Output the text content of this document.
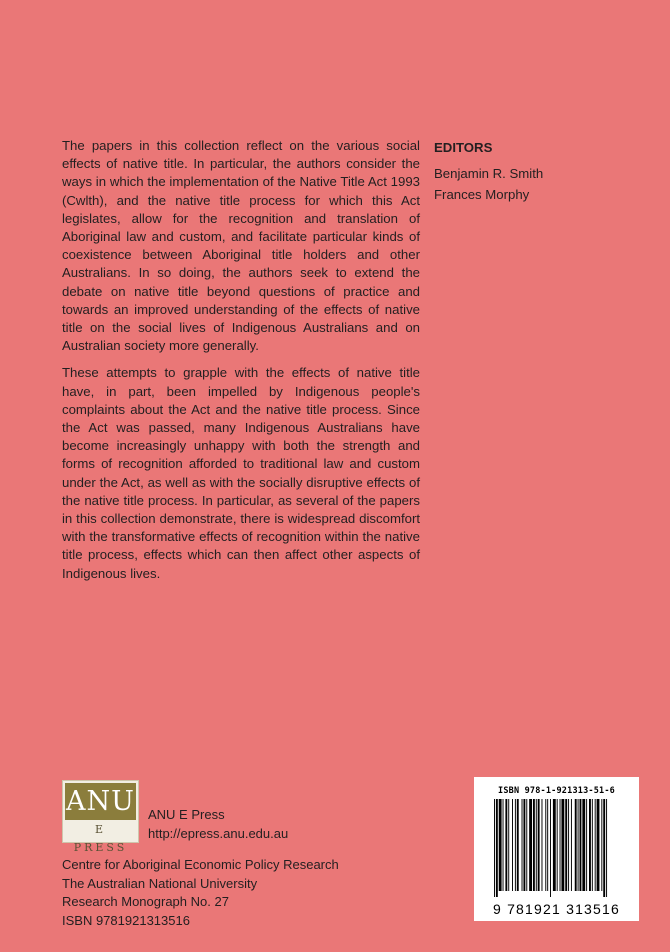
The papers in this collection reflect on the various social effects of native title. In particular, the authors consider the ways in which the implementation of the Native Title Act 1993 (Cwlth), and the native title process for which this Act legislates, allow for the recognition and translation of Aboriginal law and custom, and facilitate particular kinds of coexistence between Aboriginal title holders and other Australians. In so doing, the authors seek to extend the debate on native title beyond questions of practice and towards an improved understanding of the effects of native title on the social lives of Indigenous Australians and on Australian society more generally.

These attempts to grapple with the effects of native title have, in part, been impelled by Indigenous people's complaints about the Act and the native title process. Since the Act was passed, many Indigenous Australians have become increasingly unhappy with both the strength and forms of recognition afforded to traditional law and custom under the Act, as well as with the socially disruptive effects of the native title process. In particular, as several of the papers in this collection demonstrate, there is widespread discomfort with the transformative effects of recognition within the native title process, effects which can then affect other aspects of Indigenous lives.

EDITORS
Benjamin R. Smith
Frances Morphy
ANU
E PRESS
ANU E Press
http://epress.anu.edu.au
Centre for Aboriginal Economic Policy Research
The Australian National University
Research Monograph No. 27
ISBN 9781921313516
ISBN 978-1-921313-51-6
9 781921 313516
